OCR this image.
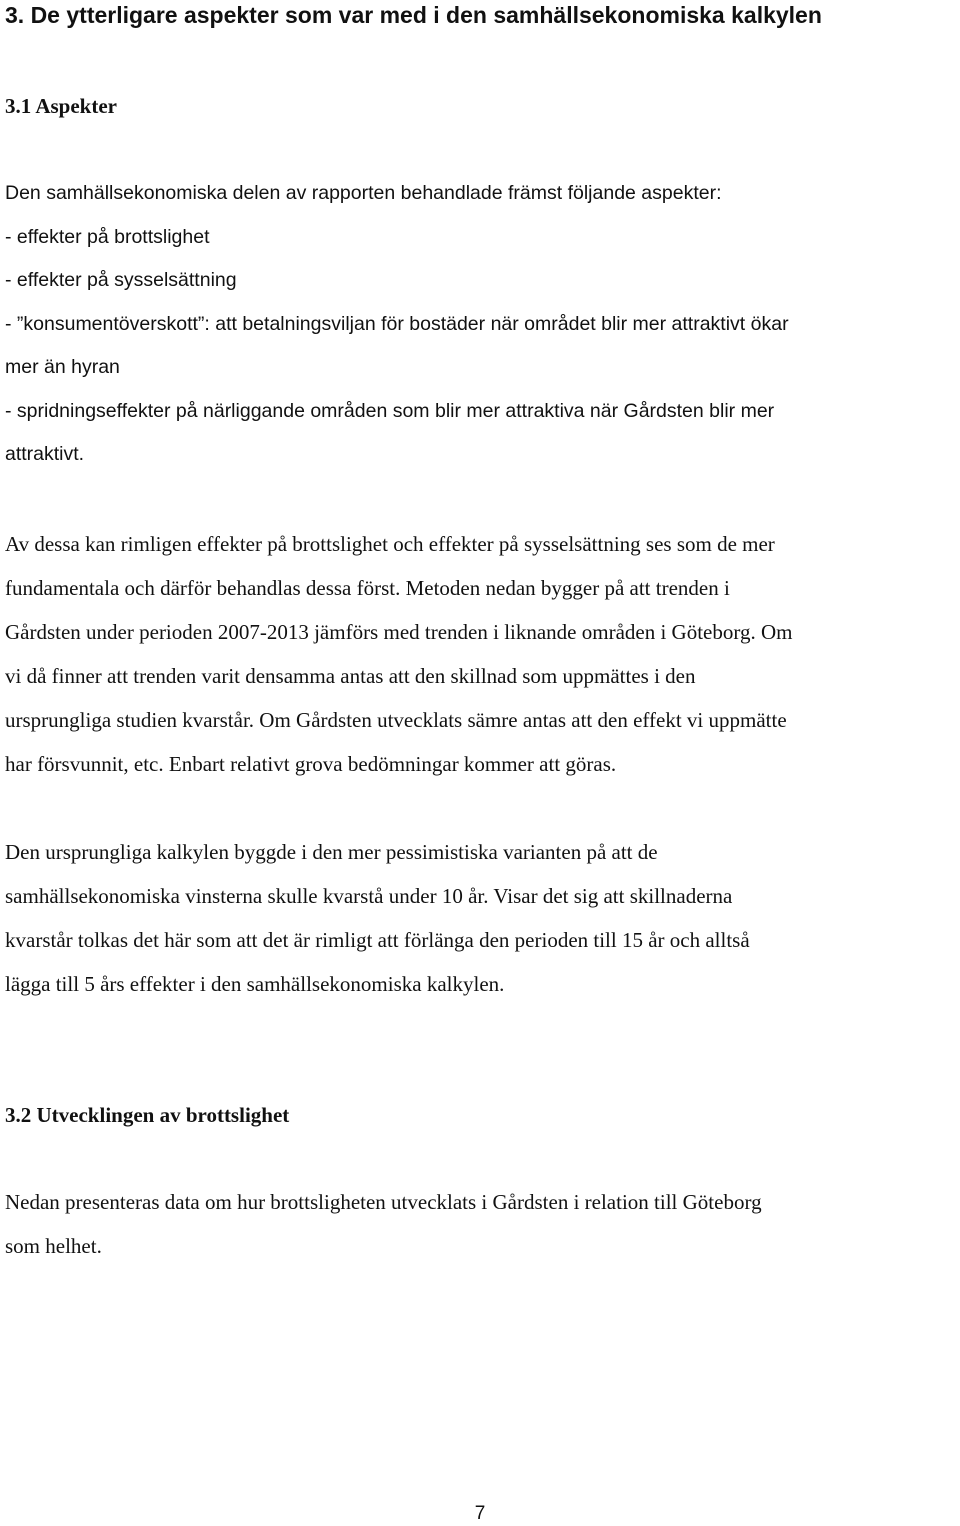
3. De ytterligare aspekter som var med i den samhällsekonomiska kalkylen
3.1 Aspekter
Den samhällsekonomiska delen av rapporten behandlade främst följande aspekter:
- effekter på brottslighet
- effekter på sysselsättning
- ”konsumentöverskott”: att betalningsviljan för bostäder när området blir mer attraktivt ökar
mer än hyran
- spridningseffekter på närliggande områden som blir mer attraktiva när Gårdsten blir mer
attraktivt.
Av dessa kan rimligen effekter på brottslighet och effekter på sysselsättning ses som de mer
fundamentala och därför behandlas dessa först. Metoden nedan bygger på att trenden i
Gårdsten under perioden 2007-2013 jämförs med trenden i liknande områden i Göteborg. Om
vi då finner att trenden varit densamma antas att den skillnad som uppmättes i den
ursprungliga studien kvarstår. Om Gårdsten utvecklats sämre antas att den effekt vi uppmätte
har försvunnit, etc. Enbart relativt grova bedömningar kommer att göras.
Den ursprungliga kalkylen byggde i den mer pessimistiska varianten på att de
samhällsekonomiska vinsterna skulle kvarstå under 10 år. Visar det sig att skillnaderna
kvarstår tolkas det här som att det är rimligt att förlänga den perioden till 15 år och alltså
lägga till 5 års effekter i den samhällsekonomiska kalkylen.
3.2 Utvecklingen av brottslighet
Nedan presenteras data om hur brottsligheten utvecklats i Gårdsten i relation till Göteborg
som helhet.
7
